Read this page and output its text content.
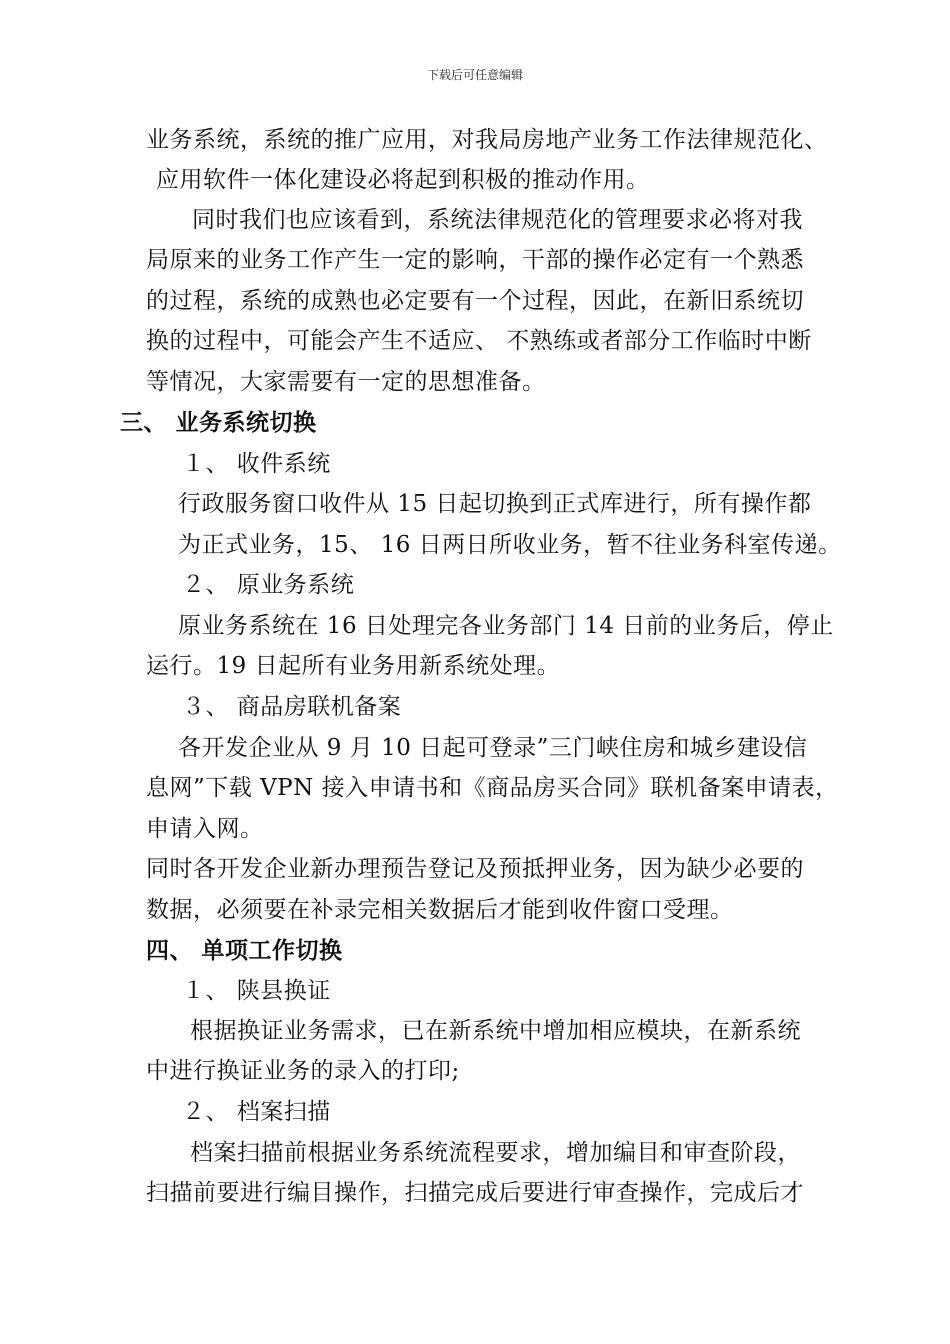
下载后可任意编辑
业务系统，系统的推广应用，对我局房地产业务工作法律规范化、
应用软件一体化建设必将起到积极的推动作用。
同时我们也应该看到，系统法律规范化的管理要求必将对我
局原来的业务工作产生一定的影响，干部的操作必定有一个熟悉
的过程，系统的成熟也必定要有一个过程，因此，在新旧系统切
换的过程中，可能会产生不适应、 不熟练或者部分工作临时中断
等情况，大家需要有一定的思想准备。
三、 业务系统切换
１、 收件系统
行政服务窗口收件从 15 日起切换到正式库进行，所有操作都
为正式业务，15、 16 日两日所收业务，暂不往业务科室传递。
２、 原业务系统
原业务系统在 16 日处理完各业务部门 14 日前的业务后，停止
运行。19 日起所有业务用新系统处理。
３、 商品房联机备案
各开发企业从 9 月 10 日起可登录”三门峡住房和城乡建设信
息网”下载 VPN 接入申请书和《商品房买合同》联机备案申请表，
申请入网。
同时各开发企业新办理预告登记及预抵押业务，因为缺少必要的
数据，必须要在补录完相关数据后才能到收件窗口受理。
四、 单项工作切换
１、 陕县换证
根据换证业务需求，已在新系统中增加相应模块，在新系统
中进行换证业务的录入的打印;
２、 档案扫描
档案扫描前根据业务系统流程要求，增加编目和审查阶段，
扫描前要进行编目操作，扫描完成后要进行审查操作，完成后才
